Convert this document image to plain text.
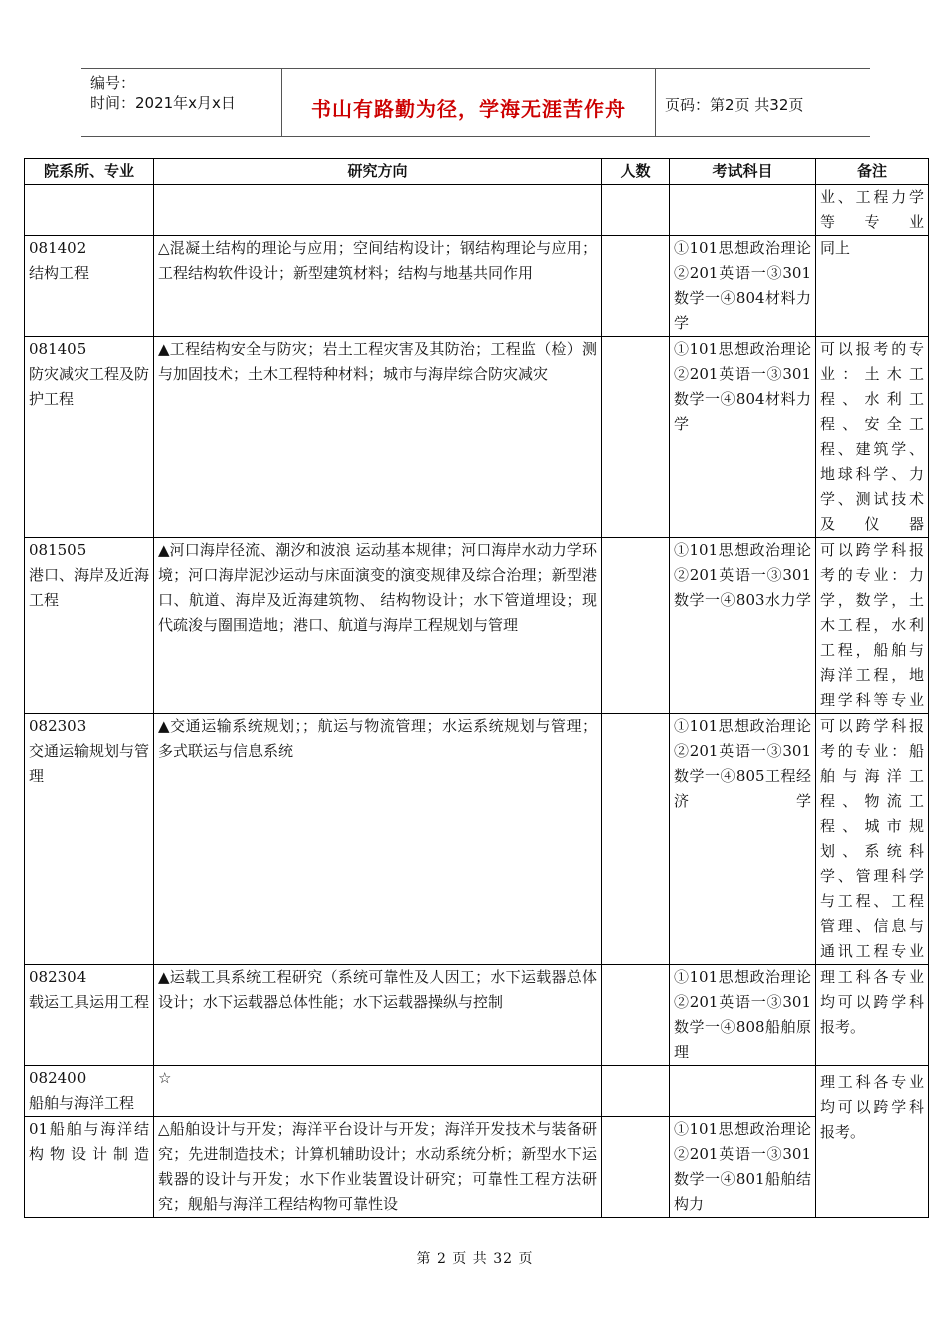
编号：
时间：2021年x月x日	书山有路勤为径，学海无涯苦作舟	页码：第2页 共32页
院系所、专业	研究方向	人数	考试科目	备注
				业、工程力学等专业
081402
结构工程	△混凝土结构的理论与应用；空间结构设计；钢结构理论与应用；工程结构软件设计；新型建筑材料；结构与地基共同作用		①101思想政治理论②201英语一③301数学一④804材料力学	同上
081405
防灾减灾工程及防护工程	▲工程结构安全与防灾；岩土工程灾害及其防治；工程监（检）测与加固技术；土木工程特种材料；城市与海岸综合防灾减灾		①101思想政治理论②201英语一③301数学一④804材料力学	可以报考的专业：土木工程、水利工程、安全工程、建筑学、地球科学、力学、测试技术及仪器
081505
港口、海岸及近海工程	▲河口海岸径流、潮汐和波浪 运动基本规律；河口海岸水动力学环境；河口海岸泥沙运动与床面演变的演变规律及综合治理；新型港口、航道、海岸及近海建筑物、 结构物设计；水下管道埋设；现代疏浚与圈围造地；港口、航道与海岸工程规划与管理		①101思想政治理论②201英语一③301数学一④803水力学	可以跨学科报考的专业：力学，数学，土木工程，水利工程，船舶与海洋工程，地理学科等专业
082303
交通运输规划与管理	▲交通运输系统规划；；航运与物流管理；水运系统规划与管理；多式联运与信息系统		①101思想政治理论②201英语一③301数学一④805工程经济学	可以跨学科报考的专业：船舶与海洋工程、物流工程、城市规划、系统科学、管理科学与工程、工程管理、信息与通讯工程专业
082304
载运工具运用工程	▲运载工具系统工程研究（系统可靠性及人因工；水下运载器总体设计；水下运载器总体性能；水下运载器操纵与控制		①101思想政治理论②201英语一③301数学一④808船舶原理	理工科各专业均可以跨学科报考。
082400
船舶与海洋工程	☆			理工科各专业均可以跨学科报考。
01船舶与海洋结构物设计制造	△船舶设计与开发；海洋平台设计与开发；海洋开发技术与装备研究；先进制造技术；计算机辅助设计；水动系统分析；新型水下运载器的设计与开发；水下作业装置设计研究；可靠性工程方法研究；舰船与海洋工程结构物可靠性设		①101思想政治理论②201英语一③301数学一④801船舶结构力	
第 2 页 共 32 页
